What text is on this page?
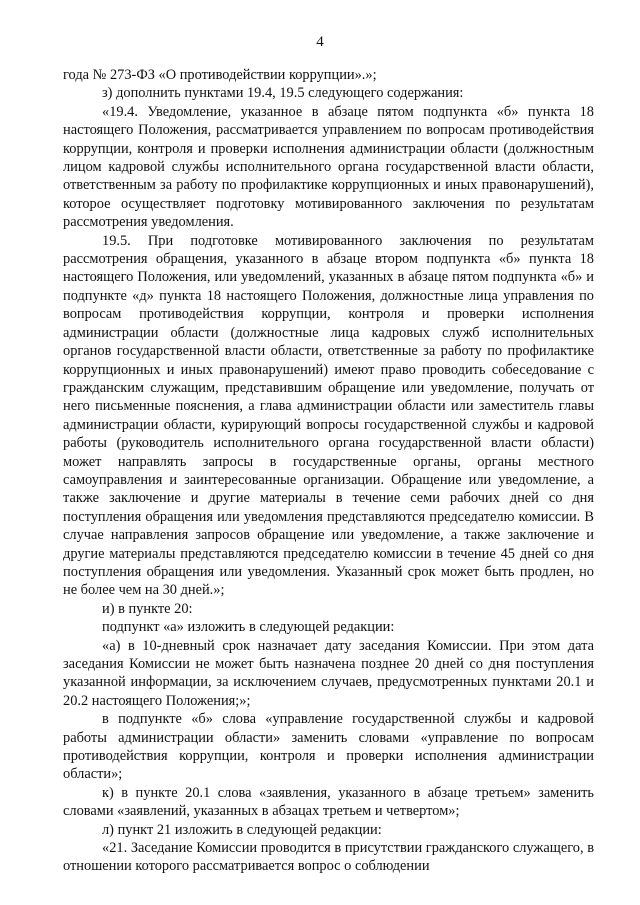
4

года № 273-ФЗ «О противодействии коррупции».»;

з) дополнить пунктами 19.4, 19.5 следующего содержания:

«19.4. Уведомление, указанное в абзаце пятом подпункта «б» пункта 18 настоящего Положения, рассматривается управлением по вопросам противодействия коррупции, контроля и проверки исполнения администрации области (должностным лицом кадровой службы исполнительного органа государственной власти области, ответственным за работу по профилактике коррупционных и иных правонарушений), которое осуществляет подготовку мотивированного заключения по результатам рассмотрения уведомления.

19.5. При подготовке мотивированного заключения по результатам рассмотрения обращения, указанного в абзаце втором подпункта «б» пункта 18 настоящего Положения, или уведомлений, указанных в абзаце пятом подпункта «б» и подпункте «д» пункта 18 настоящего Положения, должностные лица управления по вопросам противодействия коррупции, контроля и проверки исполнения администрации области (должностные лица кадровых служб исполнительных органов государственной власти области, ответственные за работу по профилактике коррупционных и иных правонарушений) имеют право проводить собеседование с гражданским служащим, представившим обращение или уведомление, получать от него письменные пояснения, а глава администрации области или заместитель главы администрации области, курирующий вопросы государственной службы и кадровой работы (руководитель исполнительного органа государственной власти области) может направлять запросы в государственные органы, органы местного самоуправления и заинтересованные организации. Обращение или уведомление, а также заключение и другие материалы в течение семи рабочих дней со дня поступления обращения или уведомления представляются председателю комиссии. В случае направления запросов обращение или уведомление, а также заключение и другие материалы представляются председателю комиссии в течение 45 дней со дня поступления обращения или уведомления. Указанный срок может быть продлен, но не более чем на 30 дней.»;

и) в пункте 20:

подпункт «а» изложить в следующей редакции:

«а) в 10-дневный срок назначает дату заседания Комиссии. При этом дата заседания Комиссии не может быть назначена позднее 20 дней со дня поступления указанной информации, за исключением случаев, предусмотренных пунктами 20.1 и 20.2 настоящего Положения;»;

в подпункте «б» слова «управление государственной службы и кадровой работы администрации области» заменить словами «управление по вопросам противодействия коррупции, контроля и проверки исполнения администрации области»;

к) в пункте 20.1 слова «заявления, указанного в абзаце третьем» заменить словами «заявлений, указанных в абзацах третьем и четвертом»;

л) пункт 21 изложить в следующей редакции:

«21. Заседание Комиссии проводится в присутствии гражданского служащего, в отношении которого рассматривается вопрос о соблюдении
